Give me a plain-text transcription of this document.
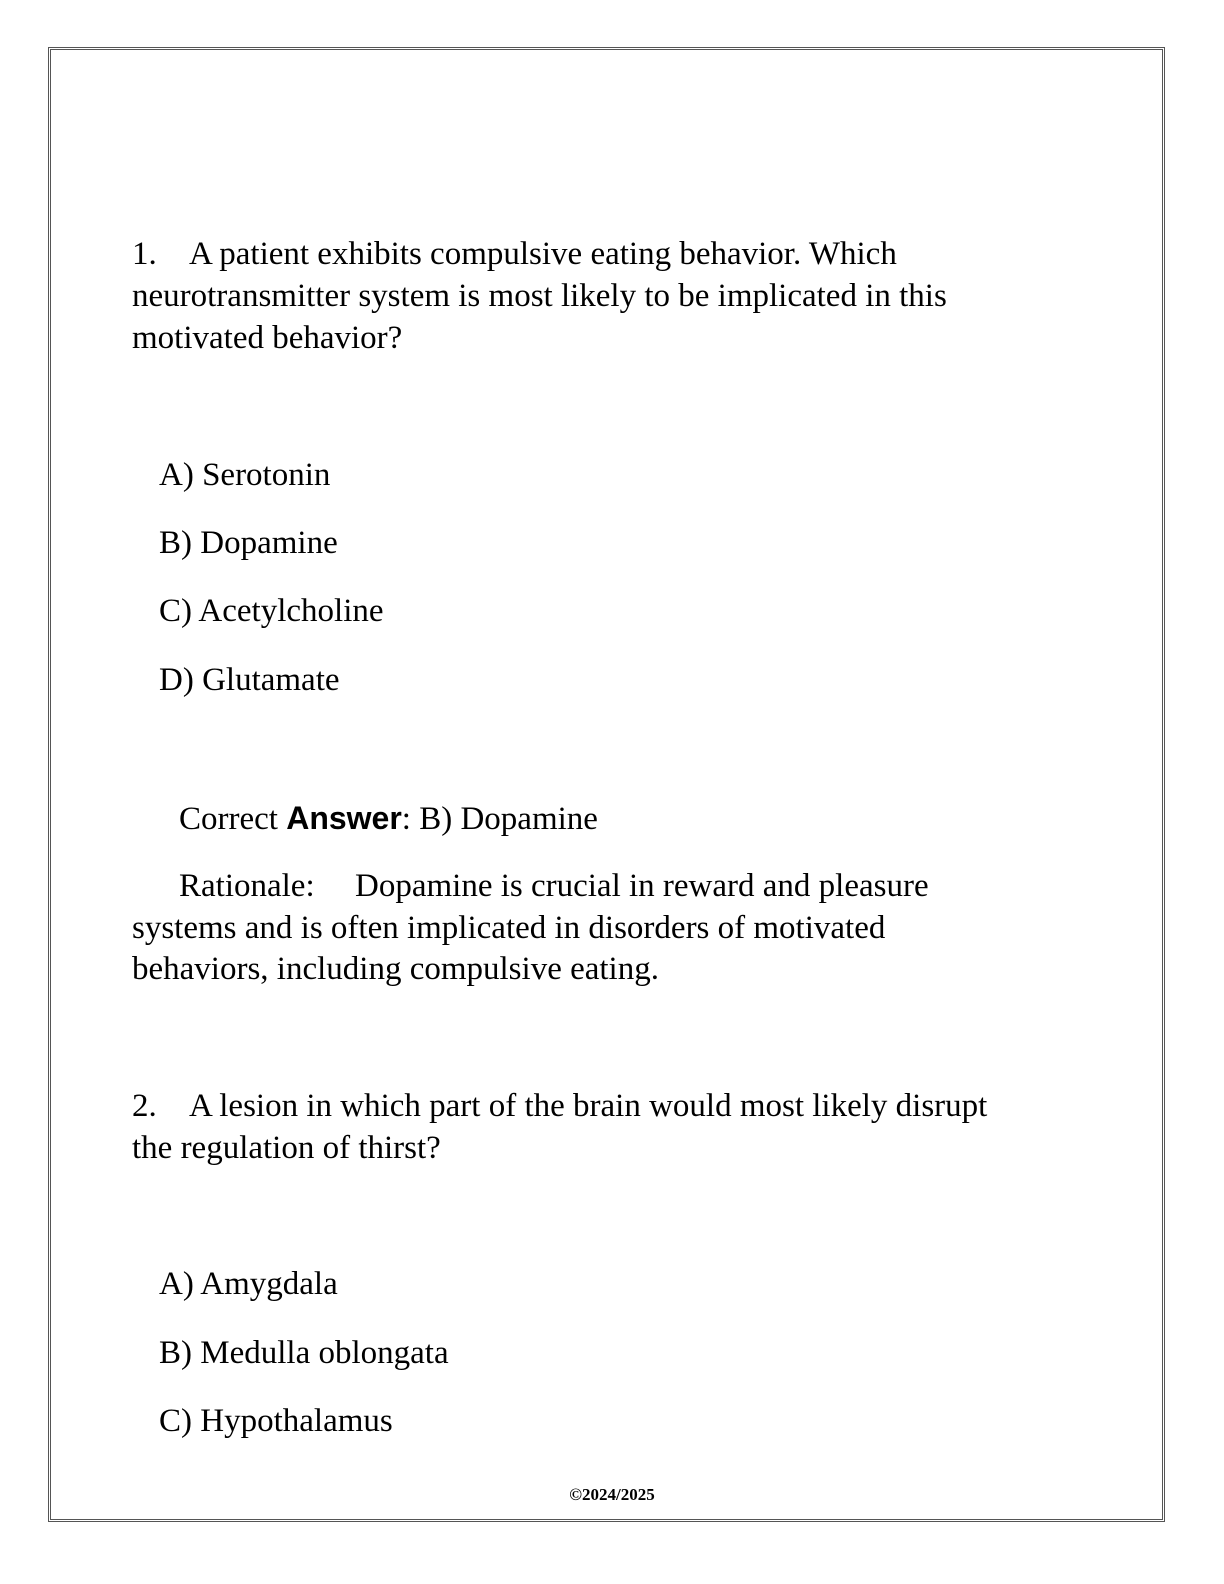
1. A patient exhibits compulsive eating behavior. Which
neurotransmitter system is most likely to be implicated in this
motivated behavior?
A) Serotonin
B) Dopamine
C) Acetylcholine
D) Glutamate
Correct Answer: B) Dopamine
Rationale: Dopamine is crucial in reward and pleasure
systems and is often implicated in disorders of motivated
behaviors, including compulsive eating.
2. A lesion in which part of the brain would most likely disrupt
the regulation of thirst?
A) Amygdala
B) Medulla oblongata
C) Hypothalamus
©2024/2025
